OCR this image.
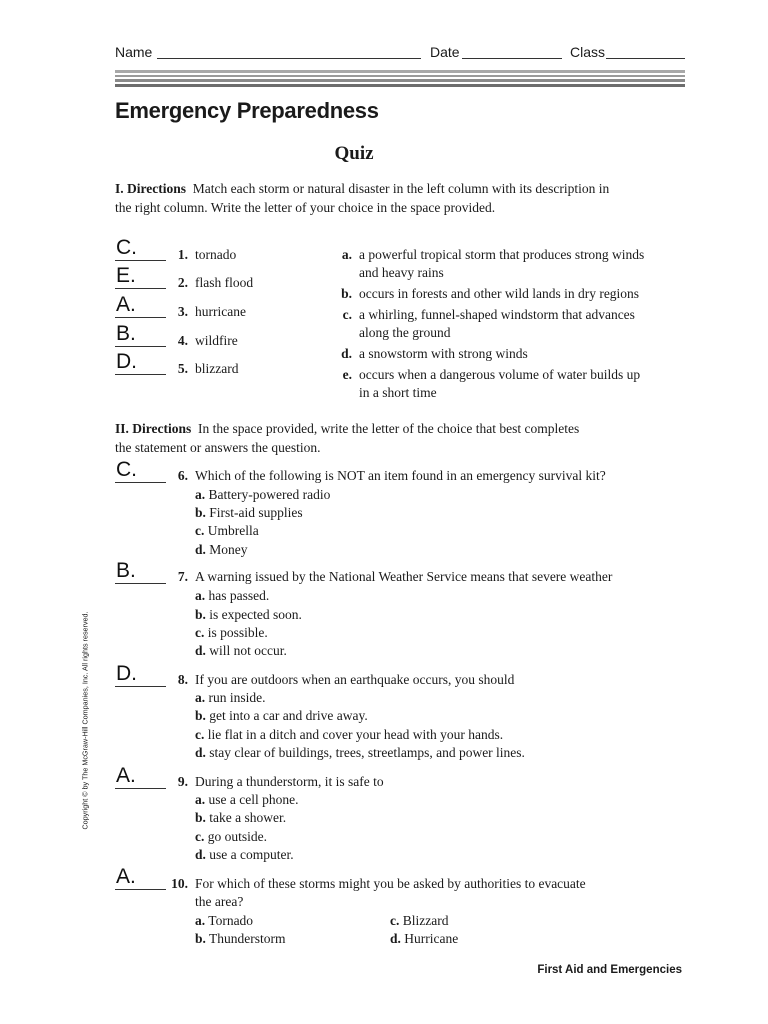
Name	Date	Class
Emergency Preparedness
Quiz
I. Directions Match each storm or natural disaster in the left column with its description in the right column. Write the letter of your choice in the space provided.
C.	1. tornado
E.	2. flash flood
A.	3. hurricane
B.	4. wildfire
D.	5. blizzard
a. a powerful tropical storm that produces strong winds
and heavy rains
b. occurs in forests and other wild lands in dry regions
c. a whirling, funnel-shaped windstorm that advances
along the ground
d. a snowstorm with strong winds
e. occurs when a dangerous volume of water builds up
in a short time
II. Directions In the space provided, write the letter of the choice that best completes the statement or answers the question.
C.	6. Which of the following is NOT an item found in an emergency survival kit?
a. Battery-powered radio
b. First-aid supplies
c. Umbrella
d. Money
B.	7. A warning issued by the National Weather Service means that severe weather
a. has passed.
b. is expected soon.
c. is possible.
d. will not occur.
D.	8. If you are outdoors when an earthquake occurs, you should
a. run inside.
b. get into a car and drive away.
c. lie flat in a ditch and cover your head with your hands.
d. stay clear of buildings, trees, streetlamps, and power lines.
A.	9. During a thunderstorm, it is safe to
a. use a cell phone.
b. take a shower.
c. go outside.
d. use a computer.
A.	10. For which of these storms might you be asked by authorities to evacuate
the area?
a. Tornado
b. Thunderstorm
c. Blizzard
d. Hurricane
Copyright © by The McGraw-Hill Companies, Inc. All rights reserved.
First Aid and Emergencies
